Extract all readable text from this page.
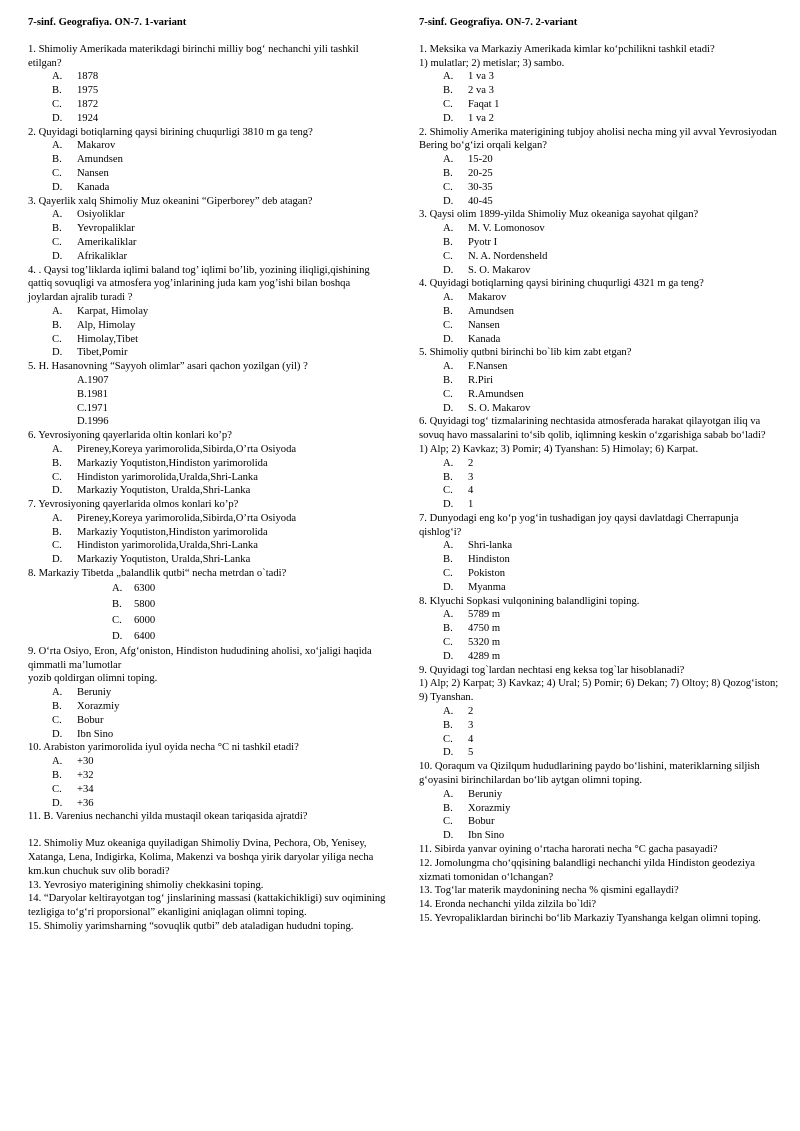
7-sinf. Geografiya. ON-7. 1-variant

1. Shimoliy Amerikada materikdagi birinchi milliy bog‘ nechanchi yili tashkil etilgan?

A.	1878
B.	1975
C.	1872
D.	1924

2. Quyidagi botiqlarning qaysi birining chuqurligi 3810 m ga teng?

A.	Makarov
B.	Amundsen
C.	Nansen
D.	Kanada

3. Qayerlik xalq Shimoliy Muz okeanini “Giperborey” deb atagan?

A.	Osiyoliklar
B.	Yevropaliklar
C.	Amerikaliklar
D.	Afrikaliklar

4. . Qaysi tog’liklarda iqlimi baland tog’ iqlimi bo’lib, yozining iliqligi,qishining qattiq sovuqligi va atmosfera yog’inlarining juda kam yog’ishi bilan boshqa joylardan ajralib turadi ?

A.	Karpat, Himolay
B.	Alp, Himolay
C.	Himolay,Tibet
D.	Tibet,Pomir

5. H. Hasanovning “Sayyoh olimlar” asari qachon yozilgan (yil) ?

A.1907
B.1981
C.1971
D.1996

6. Yevrosiyoning qayerlarida oltin konlari ko’p?

A.	Pireney,Koreya yarimorolida,Sibirda,O’rta Osiyoda
B.	Markaziy Yoqutiston,Hindiston yarimorolida
C.	Hindiston yarimorolida,Uralda,Shri-Lanka
D.	Markaziy Yoqutiston, Uralda,Shri-Lanka

7. Yevrosiyoning qayerlarida olmos konlari ko’p?

A.	Pireney,Koreya yarimorolida,Sibirda,O’rta Osiyoda
B.	Markaziy Yoqutiston,Hindiston yarimorolida
C.	Hindiston yarimorolida,Uralda,Shri-Lanka
D.	Markaziy Yoqutiston, Uralda,Shri-Lanka

8. Markaziy Tibetda „balandlik qutbi“ necha metrdan o`tadi?

A.	6300
B.	5800
C.	6000
D.	6400

9. O‘rta Osiyo, Eron, Afg‘oniston, Hindiston hududining aholisi, xo‘jaligi haqida qimmatli ma’lumotlar

yozib qoldirgan olimni toping.

A.	Beruniy
B.	Xorazmiy
C.	Bobur
D.	Ibn Sino

10. Arabiston yarimorolida iyul oyida necha °C ni tashkil etadi?

A.	+30
B.	+32
C.	+34
D.	+36

11. B. Varenius nechanchi yilda mustaqil okean tariqasida ajratdi?

12. Shimoliy Muz okeaniga quyiladigan Shimoliy Dvina, Pechora, Ob, Yenisey, Xatanga, Lena, Indigirka, Kolima, Makenzi va boshqa yirik daryolar yiliga necha km.kun chuchuk suv olib boradi?

13. Yevrosiyo materigining shimoliy chekkasini toping.

14. “Daryolar keltirayotgan tog‘ jinslarining massasi (kattakichikligi) suv oqimining tezligiga to‘g‘ri proporsional” ekanligini aniqlagan olimni toping.

15. Shimoliy yarimsharning “sovuqlik qutbi” deb ataladigan hududni toping.

7-sinf. Geografiya. ON-7. 2-variant

1. Meksika va Markaziy Amerikada kimlar ko‘pchilikni tashkil etadi?

1) mulatlar; 2) metislar; 3) sambo.

A.	1 va 3
B.	2 va 3
C.	Faqat 1
D.	1 va 2

2. Shimoliy Amerika materigining tubjoy aholisi necha ming yil avval Yevrosiyodan Bering bo‘g‘izi orqali kelgan?

A.	15-20
B.	20-25
C.	30-35
D.	40-45

3. Qaysi olim 1899-yilda Shimoliy Muz okeaniga sayohat qilgan?

A.	M. V. Lomonosov
B.	Pyotr I
C.	N. A. Nordensheld
D.	S. O. Makarov

4. Quyidagi botiqlarning qaysi birining chuqurligi 4321 m ga teng?

A.	Makarov
B.	Amundsen
C.	Nansen
D.	Kanada

5. Shimoliy qutbni birinchi bo`lib kim zabt etgan?

A.	F.Nansen
B.	R.Piri
C.	R.Amundsen
D.	S. O. Makarov

6. Quyidagi tog‘ tizmalarining nechtasida atmosferada harakat qilayotgan iliq va sovuq havo massalarini to‘sib qolib, iqlimning keskin o‘zgarishiga sabab bo‘ladi?

1) Alp; 2) Kavkaz; 3) Pomir; 4) Tyanshan: 5) Himolay; 6) Karpat.

A.	2
B.	3
C.	4
D.	1

7. Dunyodagi eng ko‘p yog‘in tushadigan joy qaysi davlatdagi Cherrapunja qishlog‘i?

A.	Shri-lanka
B.	Hindiston
C.	Pokiston
D.	Myanma

8. Klyuchi Sopkasi vulqonining balandligini toping.

A.	5789 m
B.	4750 m
C.	5320 m
D.	4289 m

9. Quyidagi tog`lardan nechtasi eng keksa tog`lar hisoblanadi?

1) Alp; 2) Karpat; 3) Kavkaz; 4) Ural; 5) Pomir; 6) Dekan; 7) Oltoy; 8) Qozog‘iston; 9) Tyanshan.

A.	2
B.	3
C.	4
D.	5

10. Qoraqum va Qizilqum hududlarining paydo bo‘lishini, materiklarning siljish g‘oyasini birinchilardan bo‘lib aytgan olimni toping.

A.	Beruniy
B.	Xorazmiy
C.	Bobur
D.	Ibn Sino

11. Sibirda yanvar oyining o‘rtacha harorati necha °C gacha pasayadi?

12. Jomolungma cho‘qqisining balandligi nechanchi yilda Hindiston geodeziya xizmati tomonidan o‘lchangan?

13. Tog‘lar materik maydonining necha % qismini egallaydi?

14. Eronda nechanchi yilda zilzila bo`ldi?

15. Yevropaliklardan birinchi bo‘lib Markaziy Tyanshanga kelgan olimni toping.
